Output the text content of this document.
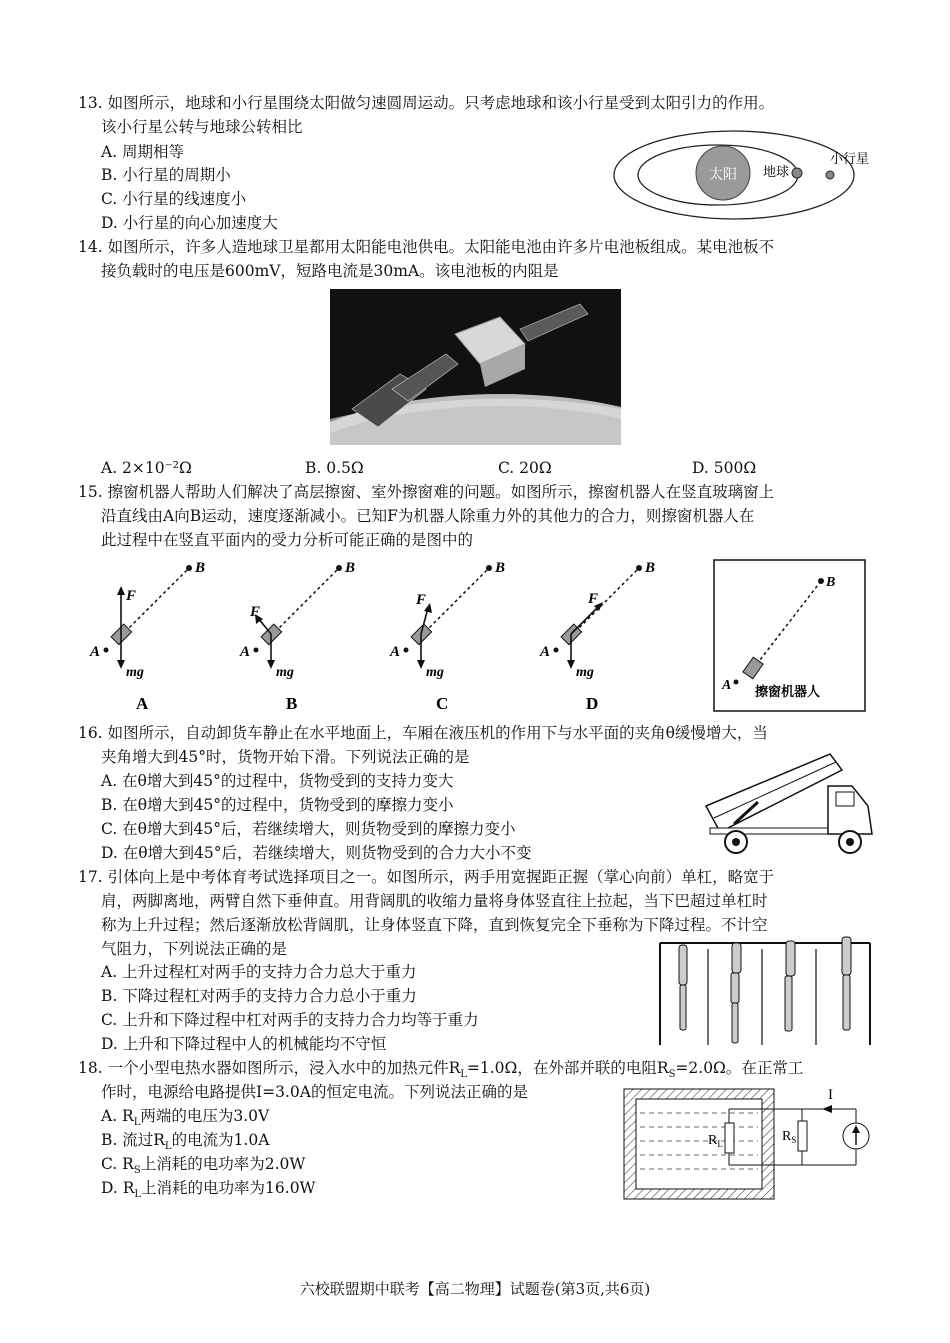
13. 如图所示，地球和小行星围绕太阳做匀速圆周运动。只考虑地球和该小行星受到太阳引力的作用。
该小行星公转与地球公转相比
A. 周期相等
B. 小行星的周期小
C. 小行星的线速度小
D. 小行星的向心加速度大
太阳 地球
小行星
14. 如图所示，许多人造地球卫星都用太阳能电池供电。太阳能电池由许多片电池板组成。某电池板不
接负载时的电压是600mV，短路电流是30mA。该电池板的内阻是
A. 2×10⁻²Ω	B. 0.5Ω	C. 20Ω	D. 500Ω
15. 擦窗机器人帮助人们解决了高层擦窗、室外擦窗难的问题。如图所示，擦窗机器人在竖直玻璃窗上
沿直线由A向B运动，速度逐渐减小。已知F为机器人除重力外的其他力的合力，则擦窗机器人在
此过程中在竖直平面内的受力分析可能正确的是图中的
B
F
mg
A
A
B
F
mg
A
B
B
F
mg
A
C
B
F
mg
A
D
B
A 擦窗机器人
16. 如图所示，自动卸货车静止在水平地面上，车厢在液压机的作用下与水平面的夹角θ缓慢增大，当
夹角增大到45°时，货物开始下滑。下列说法正确的是
A. 在θ增大到45°的过程中，货物受到的支持力变大
B. 在θ增大到45°的过程中，货物受到的摩擦力变小
C. 在θ增大到45°后，若继续增大，则货物受到的摩擦力变小
D. 在θ增大到45°后，若继续增大，则货物受到的合力大小不变
17. 引体向上是中考体育考试选择项目之一。如图所示，两手用宽握距正握（掌心向前）单杠，略宽于
肩，两脚离地，两臂自然下垂伸直。用背阔肌的收缩力量将身体竖直往上拉起，当下巴超过单杠时
称为上升过程；然后逐渐放松背阔肌，让身体竖直下降，直到恢复完全下垂称为下降过程。不计空
气阻力，下列说法正确的是
A. 上升过程杠对两手的支持力合力总大于重力
B. 下降过程杠对两手的支持力合力总小于重力
C. 上升和下降过程中杠对两手的支持力合力均等于重力
D. 上升和下降过程中人的机械能均不守恒
18. 一个小型电热水器如图所示，浸入水中的加热元件$R_L=1.0\Omega$，在外部并联的电阻$R_S=2.0\Omega$。在正常工
作时，电源给电路提供I=3.0A的恒定电流。下列说法正确的是
A. $R_L$两端的电压为3.0V
B. 流过$R_L$的电流为1.0A
C. $R_S$上消耗的电功率为2.0W
D. $R_L$上消耗的电功率为16.0W
$R_L$	$R_S$
I
六校联盟期中联考【高二物理】试题卷(第3页,共6页)
